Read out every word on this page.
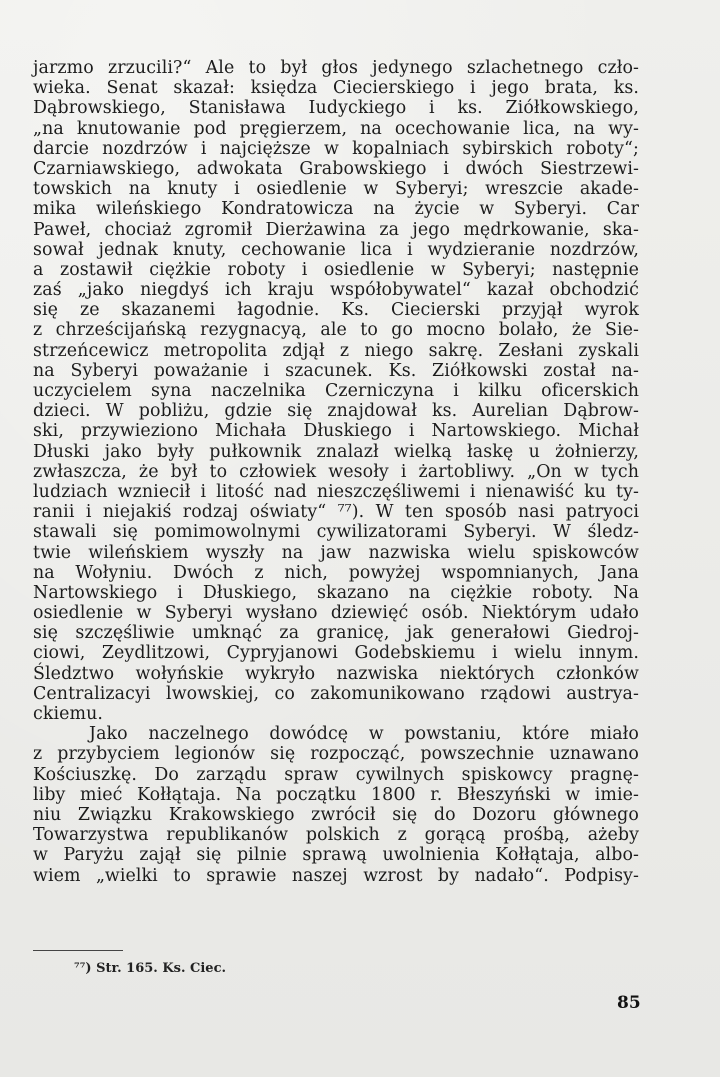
jarzmo zrzucili?“ Ale to był głos jedynego szlachetnego czło-
wieka. Senat skazał: księdza Ciecierskiego i jego brata, ks.
Dąbrowskiego, Stanisława Iudyckiego i ks. Ziółkowskiego,
„na knutowanie pod pręgierzem, na ocechowanie lica, na wy-
darcie nozdrzów i najcięższe w kopalniach sybirskich roboty“;
Czarniawskiego, adwokata Grabowskiego i dwóch Siestrzewi-
towskich na knuty i osiedlenie w Syberyi; wreszcie akade-
mika wileńskiego Kondratowicza na życie w Syberyi. Car
Paweł, chociaż zgromił Dierżawina za jego mędrkowanie, ska-
sował jednak knuty, cechowanie lica i wydzieranie nozdrzów,
a zostawił ciężkie roboty i osiedlenie w Syberyi; następnie
zaś „jako niegdyś ich kraju współobywatel“ kazał obchodzić
się ze skazanemi łagodnie. Ks. Ciecierski przyjął wyrok
z chrześcijańską rezygnacyą, ale to go mocno bolało, że Sie-
strzeńcewicz metropolita zdjął z niego sakrę. Zesłani zyskali
na Syberyi poważanie i szacunek. Ks. Ziółkowski został na-
uczycielem syna naczelnika Czerniczyna i kilku oficerskich
dzieci. W pobliżu, gdzie się znajdował ks. Aurelian Dąbrow-
ski, przywieziono Michała Dłuskiego i Nartowskiego. Michał
Dłuski jako były pułkownik znalazł wielką łaskę u żołnierzy,
zwłaszcza, że był to człowiek wesoły i żartobliwy. „On w tych
ludziach wzniecił i litość nad nieszczęśliwemi i nienawiść ku ty-
ranii i niejakiś rodzaj oświaty“ ⁷⁷). W ten sposób nasi patryoci
stawali się pomimowolnymi cywilizatorami Syberyi. W śledz-
twie wileńskiem wyszły na jaw nazwiska wielu spiskowców
na Wołyniu. Dwóch z nich, powyżej wspomnianych, Jana
Nartowskiego i Dłuskiego, skazano na ciężkie roboty. Na
osiedlenie w Syberyi wysłano dziewięć osób. Niektórym udało
się szczęśliwie umknąć za granicę, jak generałowi Giedroj-
ciowi, Zeydlitzowi, Cypryjanowi Godebskiemu i wielu innym.
Śledztwo wołyńskie wykryło nazwiska niektórych członków
Centralizacyi lwowskiej, co zakomunikowano rządowi austrya-
ckiemu.
Jako naczelnego dowódcę w powstaniu, które miało
z przybyciem legionów się rozpocząć, powszechnie uznawano
Kościuszkę. Do zarządu spraw cywilnych spiskowcy pragnę-
liby mieć Kołłątaja. Na początku 1800 r. Błeszyński w imie-
niu Związku Krakowskiego zwrócił się do Dozoru głównego
Towarzystwa republikanów polskich z gorącą prośbą, ażeby
w Paryżu zajął się pilnie sprawą uwolnienia Kołłątaja, albo-
wiem „wielki to sprawie naszej wzrost by nadało“. Podpisy-
⁷⁷) Str. 165. Ks. Ciec.
85
